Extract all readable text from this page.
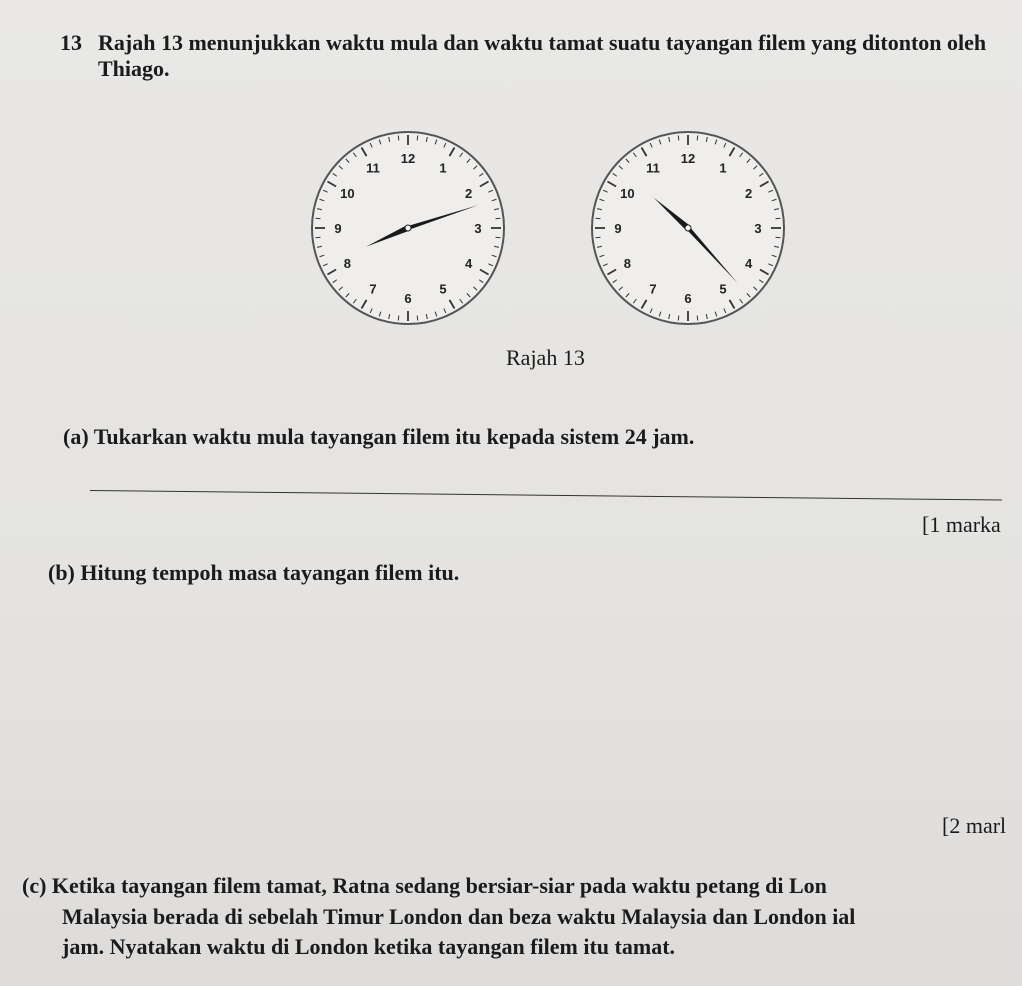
13 Rajah 13 menunjukkan waktu mula dan waktu tamat suatu tayangan filem yang ditonton oleh
Thiago.
12
1
2
3
4
5
6
7
8
9
10
11
12
1
2
3
4
5
6
7
8
9
10
11
Rajah 13
(a) Tukarkan waktu mula tayangan filem itu kepada sistem 24 jam.
[1 marka
(b) Hitung tempoh masa tayangan filem itu.
[2 marl
(c) Ketika tayangan filem tamat, Ratna sedang bersiar-siar pada waktu petang di Lon
Malaysia berada di sebelah Timur London dan beza waktu Malaysia dan London ial
jam. Nyatakan waktu di London ketika tayangan filem itu tamat.
